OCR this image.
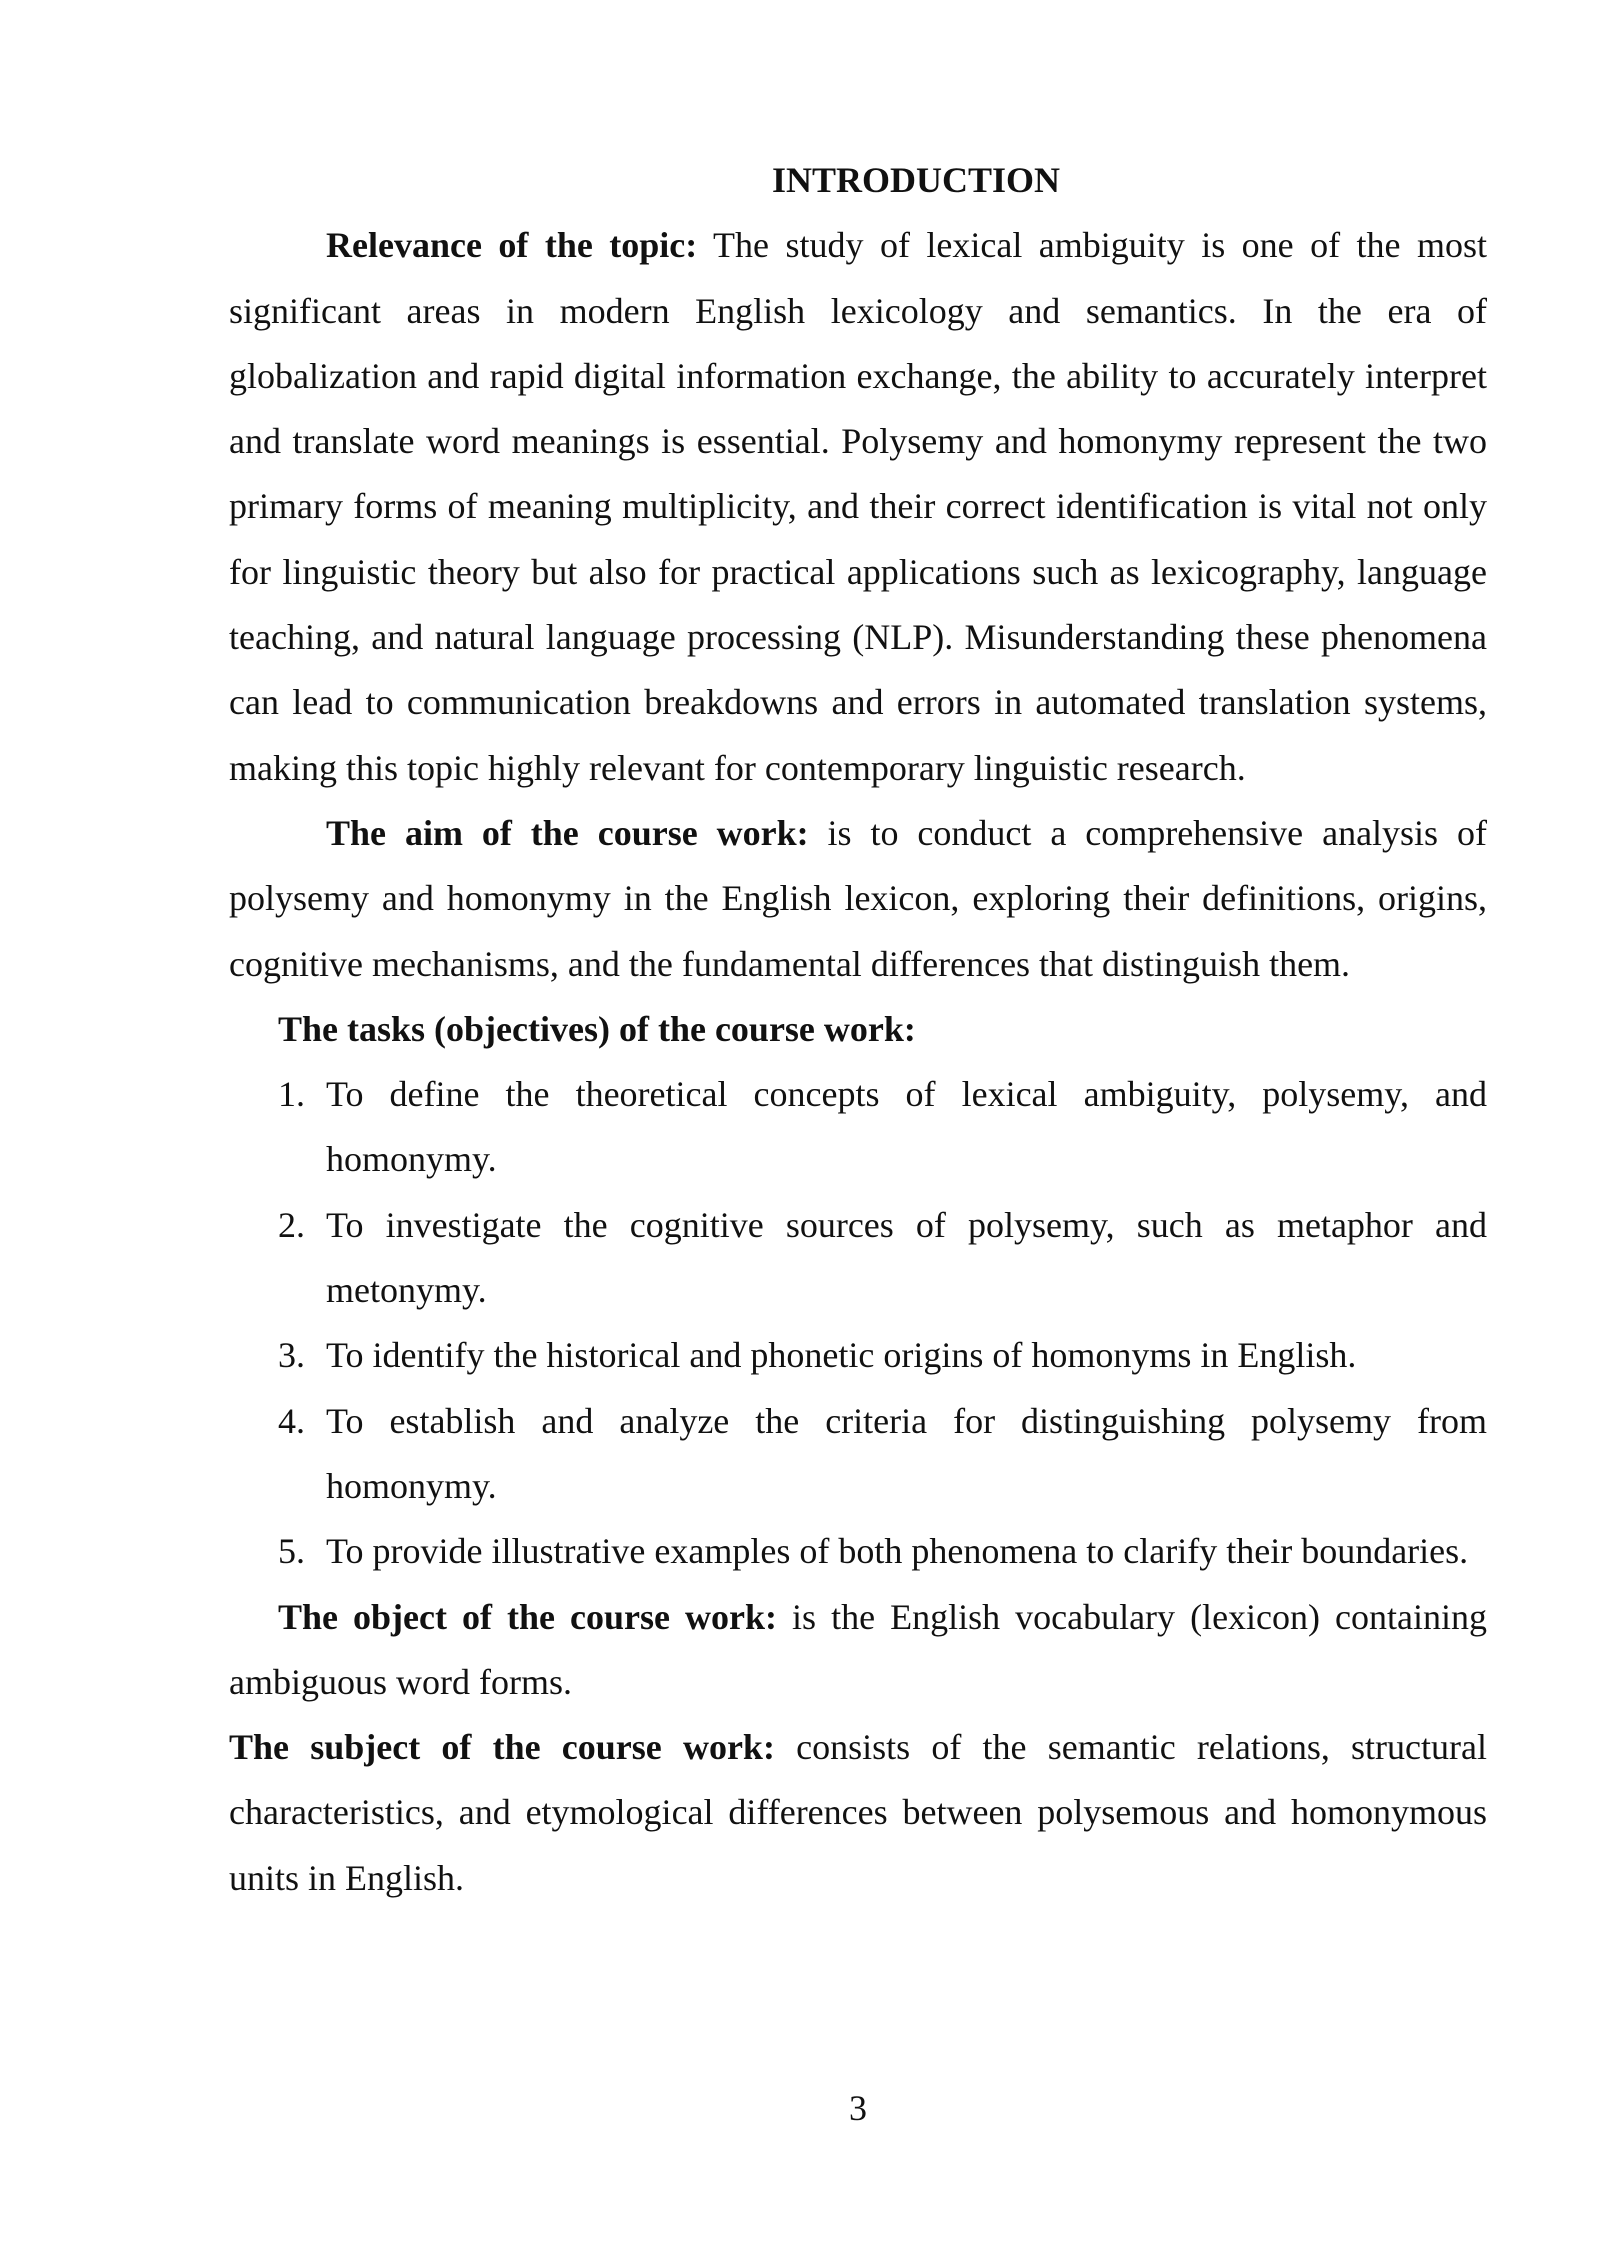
INTRODUCTION

Relevance of the topic: The study of lexical ambiguity is one of the most significant areas in modern English lexicology and semantics. In the era of globalization and rapid digital information exchange, the ability to accurately interpret and translate word meanings is essential. Polysemy and homonymy represent the two primary forms of meaning multiplicity, and their correct identification is vital not only for linguistic theory but also for practical applications such as lexicography, language teaching, and natural language processing (NLP). Misunderstanding these phenomena can lead to communication breakdowns and errors in automated translation systems, making this topic highly relevant for contemporary linguistic research.

The aim of the course work: is to conduct a comprehensive analysis of polysemy and homonymy in the English lexicon, exploring their definitions, origins, cognitive mechanisms, and the fundamental differences that distinguish them.

The tasks (objectives) of the course work:

1. To define the theoretical concepts of lexical ambiguity, polysemy, and homonymy.
2. To investigate the cognitive sources of polysemy, such as metaphor and metonymy.
3. To identify the historical and phonetic origins of homonyms in English.
4. To establish and analyze the criteria for distinguishing polysemy from homonymy.
5. To provide illustrative examples of both phenomena to clarify their boundaries.

The object of the course work: is the English vocabulary (lexicon) containing ambiguous word forms.

The subject of the course work: consists of the semantic relations, structural characteristics, and etymological differences between polysemous and homonymous units in English.

3
